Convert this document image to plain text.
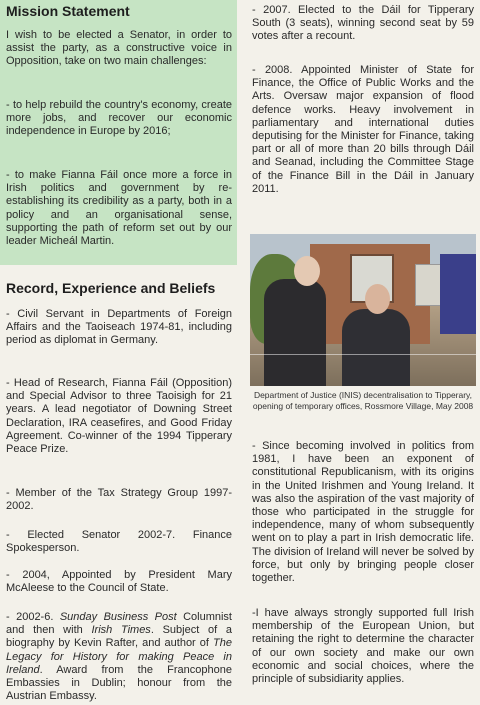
Mission Statement

I wish to be elected a Senator, in order to assist the party, as a constructive voice in Opposition, take on two main challenges:

- to help rebuild the country's economy, create more jobs, and recover our economic independence in Europe by 2016;

- to make Fianna Fáil once more a force in Irish politics and government by re-establishing its credibility as a party, both in a policy and an organisational sense, supporting the path of reform set out by our leader Micheál Martin.

Record, Experience and Beliefs

- Civil Servant in Departments of Foreign Affairs and the Taoiseach 1974-81, including period as diplomat in Germany.

- Head of Research, Fianna Fáil (Opposition) and Special Advisor to three Taoisigh for 21 years. A lead negotiator of Downing Street Declaration, IRA ceasefires, and Good Friday Agreement. Co-winner of the 1994 Tipperary Peace Prize.

- Member of the Tax Strategy Group 1997-2002.

- Elected Senator 2002-7. Finance Spokesperson.

- 2004, Appointed by President Mary McAleese to the Council of State.

- 2002-6. Sunday Business Post Columnist and then with Irish Times. Subject of a biography by Kevin Rafter, and author of The Legacy for History for making Peace in Ireland. Award from the Francophone Embassies in Dublin; honour from the Austrian Embassy.

- 2007. Elected to the Dáil for Tipperary South (3 seats), winning second seat by 59 votes after a recount.

- 2008. Appointed Minister of State for Finance, the Office of Public Works and the Arts. Oversaw major expansion of flood defence works. Heavy involvement in parliamentary and international duties deputising for the Minister for Finance, taking part or all of more than 20 bills through Dáil and Seanad, including the Committee Stage of the Finance Bill in the Dáil in January 2011.

Department of Justice (INIS) decentralisation to Tipperary, opening of temporary offices, Rossmore Village, May 2008

- Since becoming involved in politics from 1981, I have been an exponent of constitutional Republicanism, with its origins in the United Irishmen and Young Ireland. It was also the aspiration of the vast majority of those who participated in the struggle for independence, many of whom subsequently went on to play a part in Irish democratic life. The division of Ireland will never be solved by force, but only by bringing people closer together.

-I have always strongly supported full Irish membership of the European Union, but retaining the right to determine the character of our own society and make our own economic and social choices, where the principle of subsidiarity applies.
